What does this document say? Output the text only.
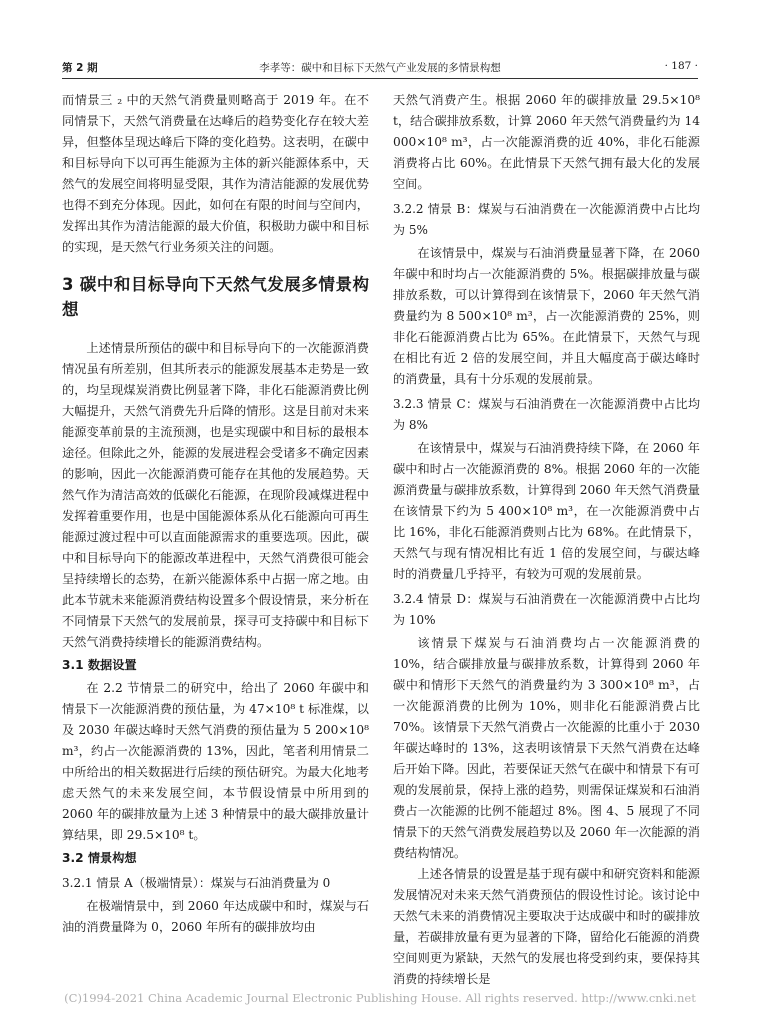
第 2 期	李孝等：碳中和目标下天然气产业发展的多情景构想	· 187 ·

而情景三 ₂ 中的天然气消费量则略高于 2019 年。在不同情景下，天然气消费量在达峰后的趋势变化存在较大差异，但整体呈现达峰后下降的变化趋势。这表明，在碳中和目标导向下以可再生能源为主体的新兴能源体系中，天然气的发展空间将明显受限，其作为清洁能源的发展优势也得不到充分体现。因此，如何在有限的时间与空间内，发挥出其作为清洁能源的最大价值，积极助力碳中和目标的实现，是天然气行业务须关注的问题。

3 碳中和目标导向下天然气发展多情景构想

上述情景所预估的碳中和目标导向下的一次能源消费情况虽有所差别，但其所表示的能源发展基本走势是一致的，均呈现煤炭消费比例显著下降，非化石能源消费比例大幅提升，天然气消费先升后降的情形。这是目前对未来能源变革前景的主流预测，也是实现碳中和目标的最根本途径。但除此之外，能源的发展进程会受诸多不确定因素的影响，因此一次能源消费可能存在其他的发展趋势。天然气作为清洁高效的低碳化石能源，在现阶段减煤进程中发挥着重要作用，也是中国能源体系从化石能源向可再生能源过渡过程中可以直面能源需求的重要选项。因此，碳中和目标导向下的能源改革进程中，天然气消费很可能会呈持续增长的态势，在新兴能源体系中占据一席之地。由此本节就未来能源消费结构设置多个假设情景，来分析在不同情景下天然气的发展前景，探寻可支持碳中和目标下天然气消费持续增长的能源消费结构。

3.1 数据设置

在 2.2 节情景二的研究中，给出了 2060 年碳中和情景下一次能源消费的预估量，为 47×10⁸ t 标准煤，以及 2030 年碳达峰时天然气消费的预估量为 5 200×10⁸ m³，约占一次能源消费的 13%，因此，笔者利用情景二中所给出的相关数据进行后续的预估研究。为最大化地考虑天然气的未来发展空间，本节假设情景中所用到的 2060 年的碳排放量为上述 3 种情景中的最大碳排放量计算结果，即 29.5×10⁸ t。

3.2 情景构想
3.2.1 情景 A（极端情景）：煤炭与石油消费量为 0

在极端情景中，到 2060 年达成碳中和时，煤炭与石油的消费量降为 0，2060 年所有的碳排放均由

天然气消费产生。根据 2060 年的碳排放量 29.5×10⁸ t，结合碳排放系数，计算 2060 年天然气消费量约为 14 000×10⁸ m³，占一次能源消费的近 40%，非化石能源消费将占比 60%。在此情景下天然气拥有最大化的发展空间。

3.2.2 情景 B：煤炭与石油消费在一次能源消费中占比均为 5%

在该情景中，煤炭与石油消费量显著下降，在 2060 年碳中和时均占一次能源消费的 5%。根据碳排放量与碳排放系数，可以计算得到在该情景下，2060 年天然气消费量约为 8 500×10⁸ m³，占一次能源消费的 25%，则非化石能源消费占比为 65%。在此情景下，天然气与现在相比有近 2 倍的发展空间，并且大幅度高于碳达峰时的消费量，具有十分乐观的发展前景。

3.2.3 情景 C：煤炭与石油消费在一次能源消费中占比均为 8%

在该情景中，煤炭与石油消费持续下降，在 2060 年碳中和时占一次能源消费的 8%。根据 2060 年的一次能源消费量与碳排放系数，计算得到 2060 年天然气消费量在该情景下约为 5 400×10⁸ m³，在一次能源消费中占比 16%，非化石能源消费则占比为 68%。在此情景下，天然气与现有情况相比有近 1 倍的发展空间，与碳达峰时的消费量几乎持平，有较为可观的发展前景。

3.2.4 情景 D：煤炭与石油消费在一次能源消费中占比均为 10%

该情景下煤炭与石油消费均占一次能源消费的 10%，结合碳排放量与碳排放系数，计算得到 2060 年碳中和情形下天然气的消费量约为 3 300×10⁸ m³，占一次能源消费的比例为 10%，则非化石能源消费占比 70%。该情景下天然气消费占一次能源的比重小于 2030 年碳达峰时的 13%，这表明该情景下天然气消费在达峰后开始下降。因此，若要保证天然气在碳中和情景下有可观的发展前景，保持上涨的趋势，则需保证煤炭和石油消费占一次能源的比例不能超过 8%。图 4、5 展现了不同情景下的天然气消费发展趋势以及 2060 年一次能源的消费结构情况。

上述各情景的设置是基于现有碳中和研究资料和能源发展情况对未来天然气消费预估的假设性讨论。该讨论中天然气未来的消费情况主要取决于达成碳中和时的碳排放量，若碳排放量有更为显著的下降，留给化石能源的消费空间则更为紧缺，天然气的发展也将受到约束，要保持其消费的持续增长是

(C)1994-2021 China Academic Journal Electronic Publishing House. All rights reserved. http://www.cnki.net
